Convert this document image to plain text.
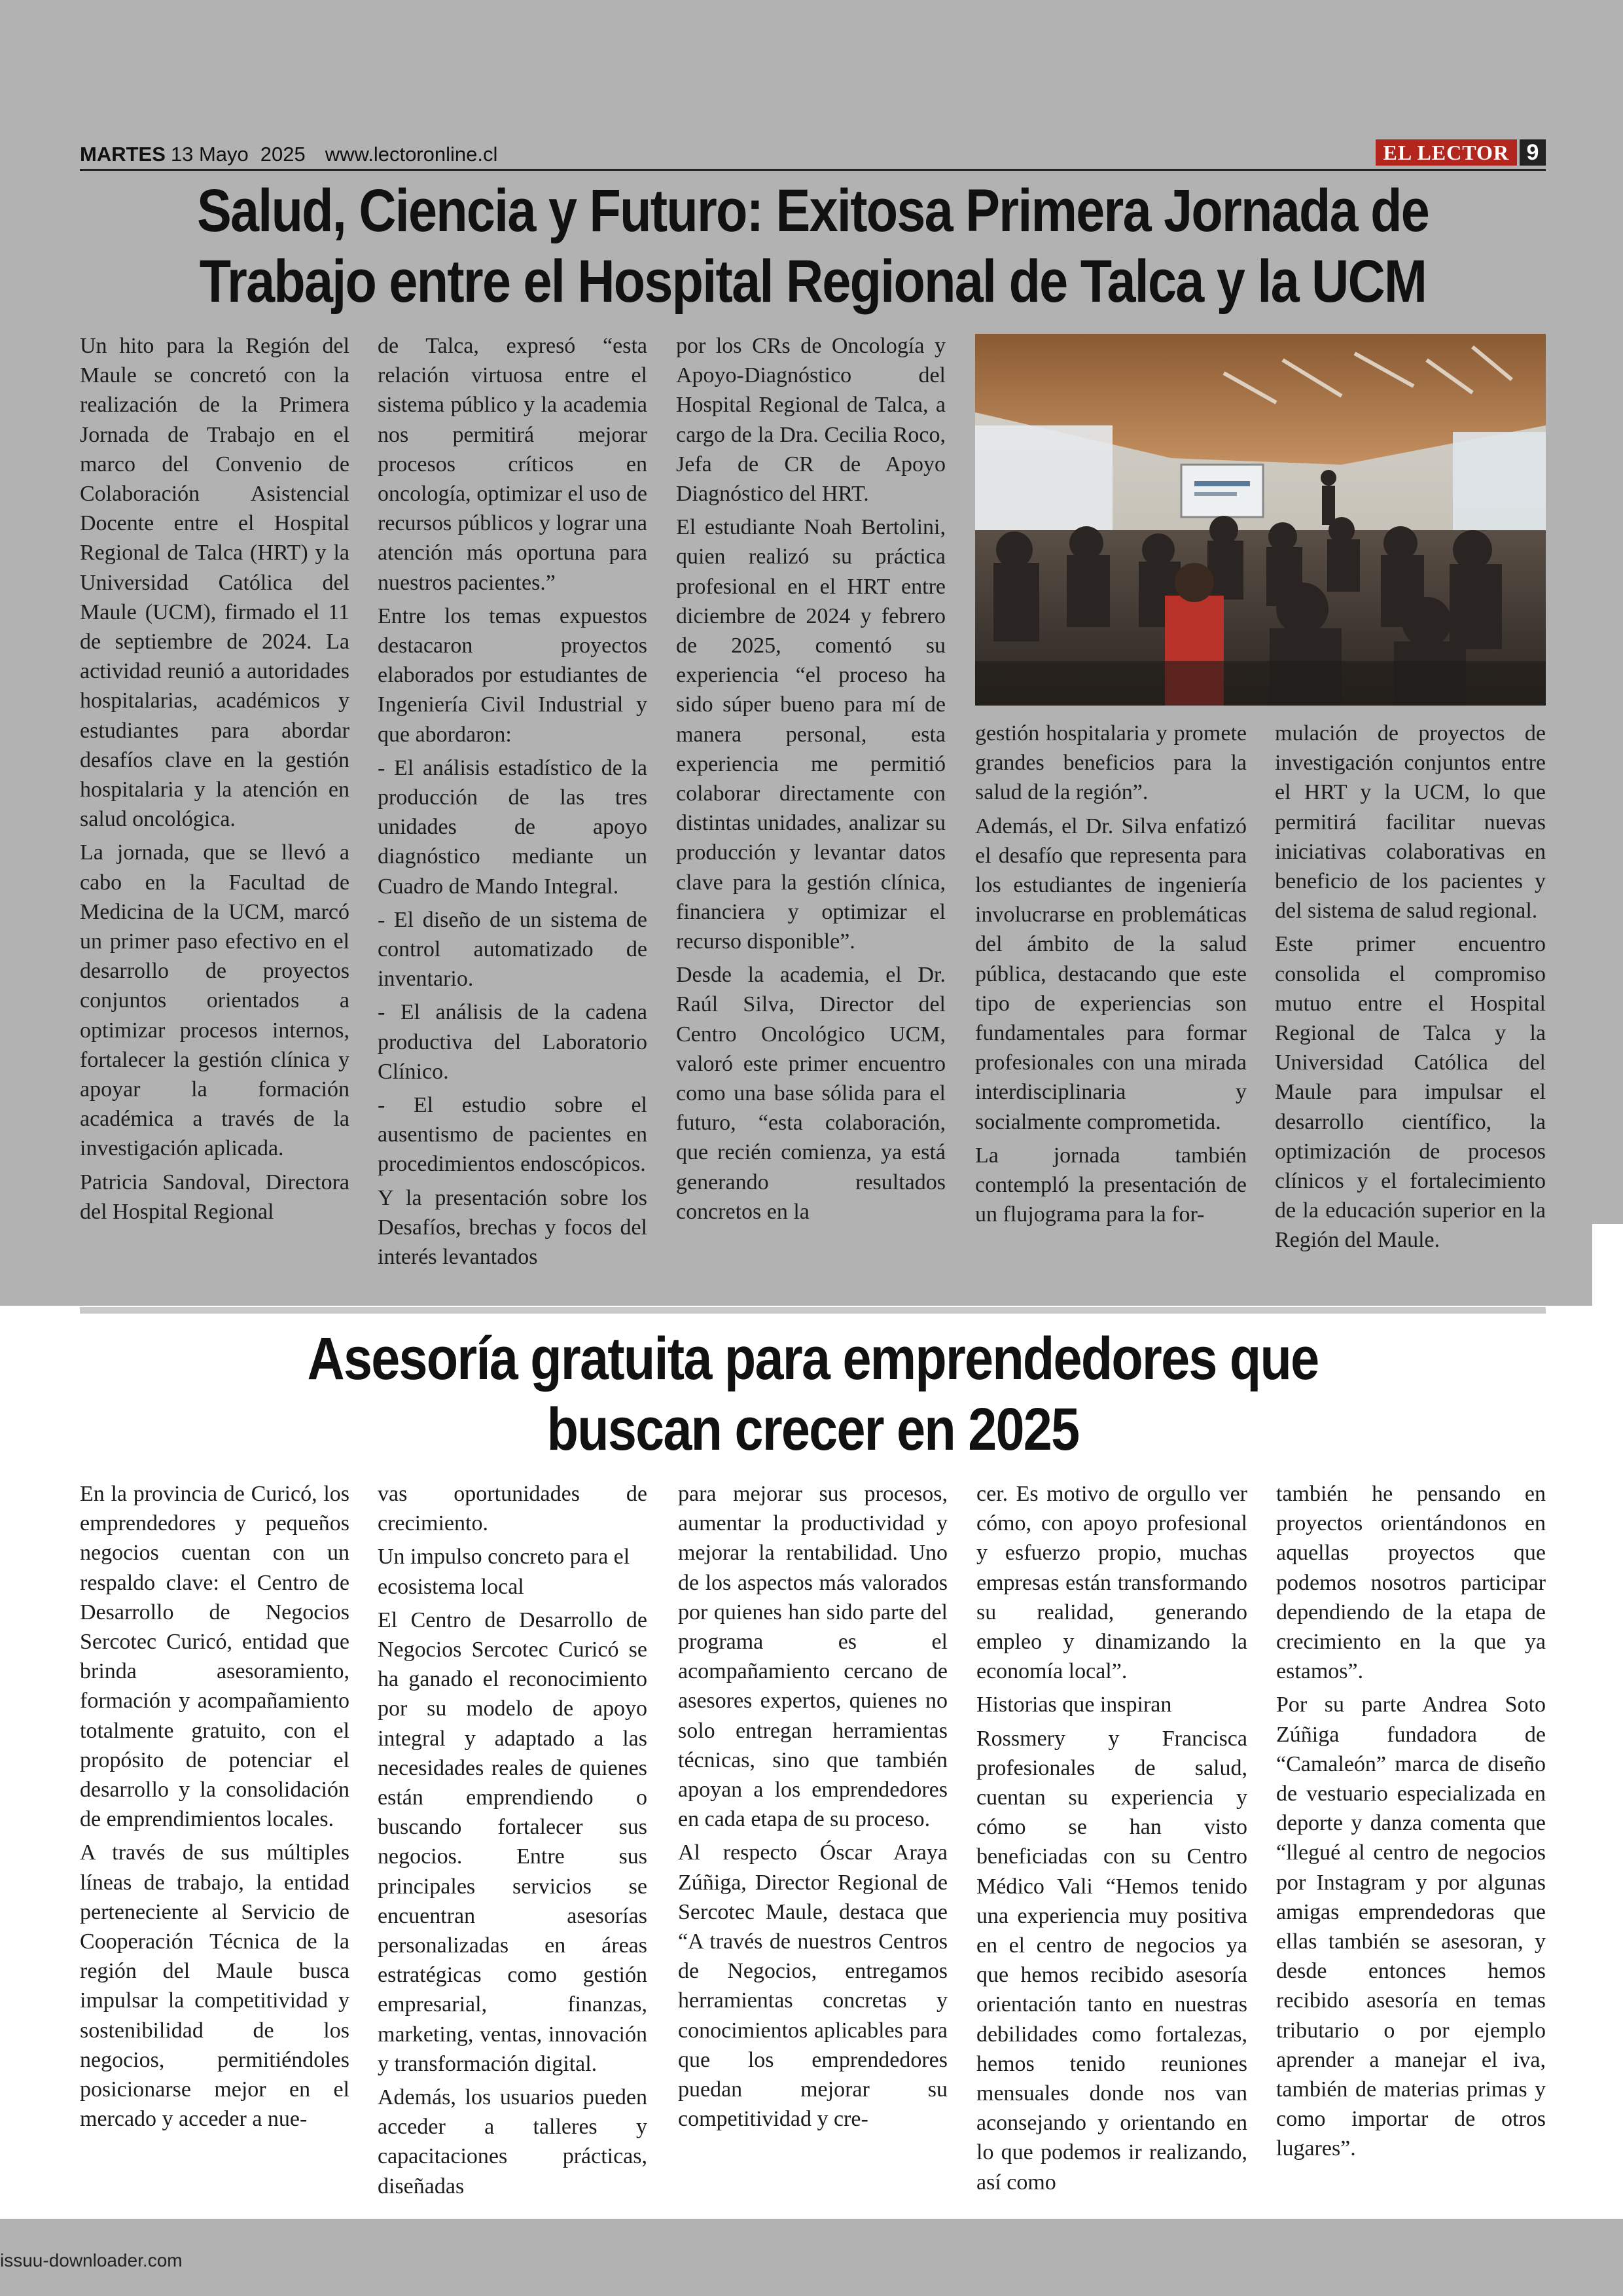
MARTES 13 Mayo 2025 www.lectoronline.cl	EL LECTOR 9
Salud, Ciencia y Futuro: Exitosa Primera Jornada de
Trabajo entre el Hospital Regional de Talca y la UCM

Un hito para la Región del Maule se concretó con la realización de la Primera Jornada de Trabajo en el marco del Convenio de Colaboración Asistencial Docente entre el Hospital Regional de Talca (HRT) y la Universidad Católica del Maule (UCM), firmado el 11 de septiembre de 2024. La actividad reunió a autoridades hospitalarias, académicos y estudiantes para abordar desafíos clave en la gestión hospitalaria y la atención en salud oncológica.

La jornada, que se llevó a cabo en la Facultad de Medicina de la UCM, marcó un primer paso efectivo en el desarrollo de proyectos conjuntos orientados a optimizar procesos internos, fortalecer la gestión clínica y apoyar la formación académica a través de la investigación aplicada.

Patricia Sandoval, Directora del Hospital Regional

de Talca, expresó “esta relación virtuosa entre el sistema público y la academia nos permitirá mejorar procesos críticos en oncología, optimizar el uso de recursos públicos y lograr una atención más oportuna para nuestros pacientes.”

Entre los temas expuestos destacaron proyectos elaborados por estudiantes de Ingeniería Civil Industrial y que abordaron:

- El análisis estadístico de la producción de las tres unidades de apoyo diagnóstico mediante un Cuadro de Mando Integral.

- El diseño de un sistema de control automatizado de inventario.

- El análisis de la cadena productiva del Laboratorio Clínico.

- El estudio sobre el ausentismo de pacientes en procedimientos endoscópicos.

Y la presentación sobre los Desafíos, brechas y focos del interés levantados

por los CRs de Oncología y Apoyo-Diagnóstico del Hospital Regional de Talca, a cargo de la Dra. Cecilia Roco, Jefa de CR de Apoyo Diagnóstico del HRT.

El estudiante Noah Bertolini, quien realizó su práctica profesional en el HRT entre diciembre de 2024 y febrero de 2025, comentó su experiencia “el proceso ha sido súper bueno para mí de manera personal, esta experiencia me permitió colaborar directamente con distintas unidades, analizar su producción y levantar datos clave para la gestión clínica, financiera y optimizar el recurso disponible”.

Desde la academia, el Dr. Raúl Silva, Director del Centro Oncológico UCM, valoró este primer encuentro como una base sólida para el futuro, “esta colaboración, que recién comienza, ya está generando resultados concretos en la

gestión hospitalaria y promete grandes beneficios para la salud de la región”.

Además, el Dr. Silva enfatizó el desafío que representa para los estudiantes de ingeniería involucrarse en problemáticas del ámbito de la salud pública, destacando que este tipo de experiencias son fundamentales para formar profesionales con una mirada interdisciplinaria y socialmente comprometida.

La jornada también contempló la presentación de un flujograma para la for-

mulación de proyectos de investigación conjuntos entre el HRT y la UCM, lo que permitirá facilitar nuevas iniciativas colaborativas en beneficio de los pacientes y del sistema de salud regional.

Este primer encuentro consolida el compromiso mutuo entre el Hospital Regional de Talca y la Universidad Católica del Maule para impulsar el desarrollo científico, la optimización de procesos clínicos y el fortalecimiento de la educación superior en la Región del Maule.

Asesoría gratuita para emprendedores que
buscan crecer en 2025

En la provincia de Curicó, los emprendedores y pequeños negocios cuentan con un respaldo clave: el Centro de Desarrollo de Negocios Sercotec Curicó, entidad que brinda asesoramiento, formación y acompañamiento totalmente gratuito, con el propósito de potenciar el desarrollo y la consolidación de emprendimientos locales.

A través de sus múltiples líneas de trabajo, la entidad perteneciente al Servicio de Cooperación Técnica de la región del Maule busca impulsar la competitividad y sostenibilidad de los negocios, permitiéndoles posicionarse mejor en el mercado y acceder a nue-

vas oportunidades de crecimiento.

Un impulso concreto para el ecosistema local

El Centro de Desarrollo de Negocios Sercotec Curicó se ha ganado el reconocimiento por su modelo de apoyo integral y adaptado a las necesidades reales de quienes están emprendiendo o buscando fortalecer sus negocios. Entre sus principales servicios se encuentran asesorías personalizadas en áreas estratégicas como gestión empresarial, finanzas, marketing, ventas, innovación y transformación digital.

Además, los usuarios pueden acceder a talleres y capacitaciones prácticas, diseñadas

para mejorar sus procesos, aumentar la productividad y mejorar la rentabilidad. Uno de los aspectos más valorados por quienes han sido parte del programa es el acompañamiento cercano de asesores expertos, quienes no solo entregan herramientas técnicas, sino que también apoyan a los emprendedores en cada etapa de su proceso.

Al respecto Óscar Araya Zúñiga, Director Regional de Sercotec Maule, destaca que “A través de nuestros Centros de Negocios, entregamos herramientas concretas y conocimientos aplicables para que los emprendedores puedan mejorar su competitividad y cre-

cer. Es motivo de orgullo ver cómo, con apoyo profesional y esfuerzo propio, muchas empresas están transformando su realidad, generando empleo y dinamizando la economía local”.

Historias que inspiran

Rossmery y Francisca profesionales de salud, cuentan su experiencia y cómo se han visto beneficiadas con su Centro Médico Vali “Hemos tenido una experiencia muy positiva en el centro de negocios ya que hemos recibido asesoría orientación tanto en nuestras debilidades como fortalezas, hemos tenido reuniones mensuales donde nos van aconsejando y orientando en lo que podemos ir realizando, así como

también he pensando en proyectos orientándonos en aquellas proyectos que podemos nosotros participar dependiendo de la etapa de crecimiento en la que ya estamos”.

Por su parte Andrea Soto Zúñiga fundadora de “Camaleón” marca de diseño de vestuario especializada en deporte y danza comenta que “llegué al centro de negocios por Instagram y por algunas amigas emprendedoras que ellas también se asesoran, y desde entonces hemos recibido asesoría en temas tributario o por ejemplo aprender a manejar el iva, también de materias primas y como importar de otros lugares”.

issuu-downloader.com
